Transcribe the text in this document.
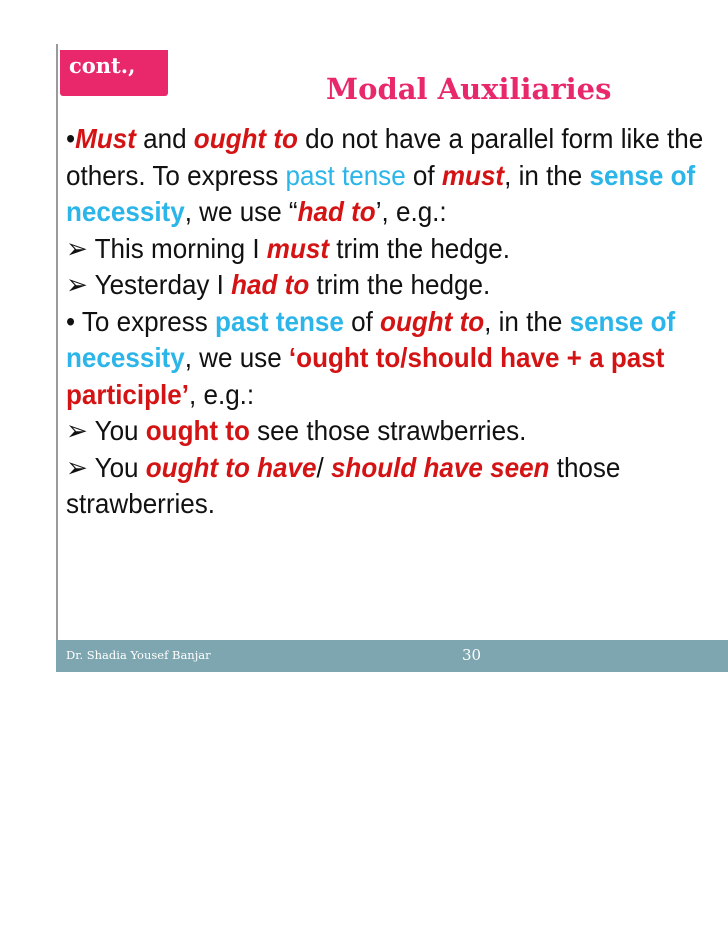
cont.,
Modal Auxiliaries
•Must and ought to do not have a parallel form like the
others. To express past tense of must, in the sense of
necessity, we use “had to’, e.g.:
➢ This morning I must trim the hedge.
➢ Yesterday I had to trim the hedge.
• To express past tense of ought to, in the sense of
necessity, we use ‘ought to/should have + a past
participle’, e.g.:
➢ You ought to see those strawberries.
➢ You ought to have/ should have seen those
strawberries.
Dr. Shadia Yousef Banjar	30
